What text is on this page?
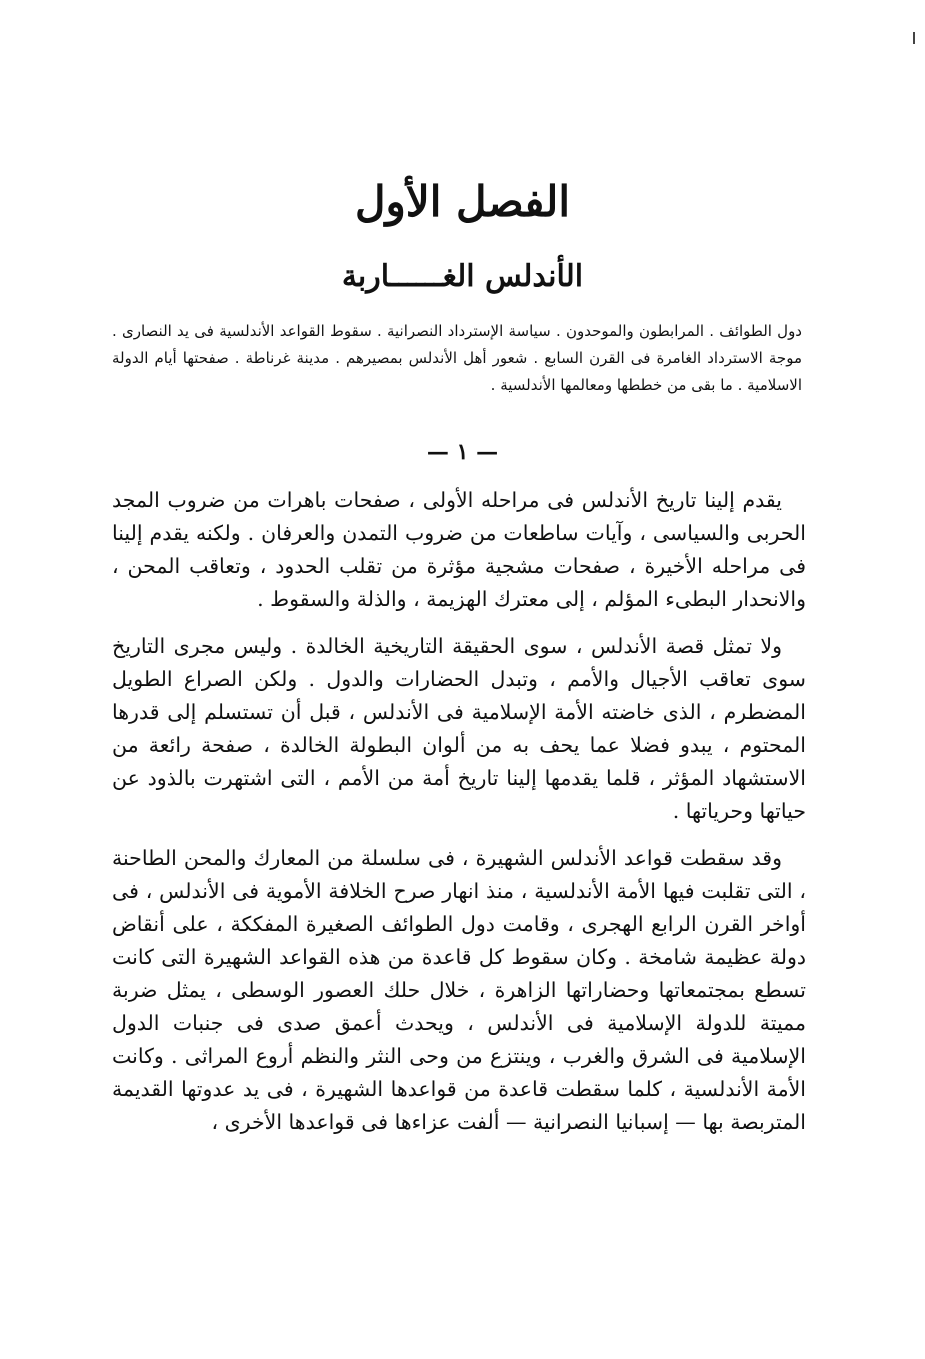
الفصل الأول
الأندلس الغــــــاربة

دول الطوائف . المرابطون والموحدون . سياسة الإسترداد النصرانية . سقوط القواعد الأندلسية فى يد النصارى . موجة الاسترداد الغامرة فى القرن السابع . شعور أهل الأندلس بمصيرهم . مدينة غرناطة . صفحتها أيام الدولة الاسلامية . ما بقى من خططها ومعالمها الأندلسية .

— ١ —

يقدم إلينا تاريخ الأندلس فى مراحله الأولى ، صفحات باهرات من ضروب المجد الحربى والسياسى ، وآيات ساطعات من ضروب التمدن والعرفان . ولكنه يقدم إلينا فى مراحله الأخيرة ، صفحات مشجية مؤثرة من تقلب الحدود ، وتعاقب المحن ، والانحدار البطىء المؤلم ، إلى معترك الهزيمة ، والذلة والسقوط .

ولا تمثل قصة الأندلس ، سوى الحقيقة التاريخية الخالدة . وليس مجرى التاريخ سوى تعاقب الأجيال والأمم ، وتبدل الحضارات والدول . ولكن الصراع الطويل المضطرم ، الذى خاضته الأمة الإسلامية فى الأندلس ، قبل أن تستسلم إلى قدرها المحتوم ، يبدو فضلا عما يحف به من ألوان البطولة الخالدة ، صفحة رائعة من الاستشهاد المؤثر ، قلما يقدمها إلينا تاريخ أمة من الأمم ، التى اشتهرت بالذود عن حياتها وحرياتها .

وقد سقطت قواعد الأندلس الشهيرة ، فى سلسلة من المعارك والمحن الطاحنة ، التى تقلبت فيها الأمة الأندلسية ، منذ انهار صرح الخلافة الأموية فى الأندلس ، فى أواخر القرن الرابع الهجرى ، وقامت دول الطوائف الصغيرة المفككة ، على أنقاض دولة عظيمة شامخة . وكان سقوط كل قاعدة من هذه القواعد الشهيرة التى كانت تسطع بمجتمعاتها وحضاراتها الزاهرة ، خلال حلك العصور الوسطى ، يمثل ضربة مميتة للدولة الإسلامية فى الأندلس ، ويحدث أعمق صدى فى جنبات الدول الإسلامية فى الشرق والغرب ، وينتزع من وحى النثر والنظم أروع المراثى . وكانت الأمة الأندلسية ، كلما سقطت قاعدة من قواعدها الشهيرة ، فى يد عدوتها القديمة المتربصة بها — إسبانيا النصرانية — ألفت عزاءها فى قواعدها الأخرى ،
